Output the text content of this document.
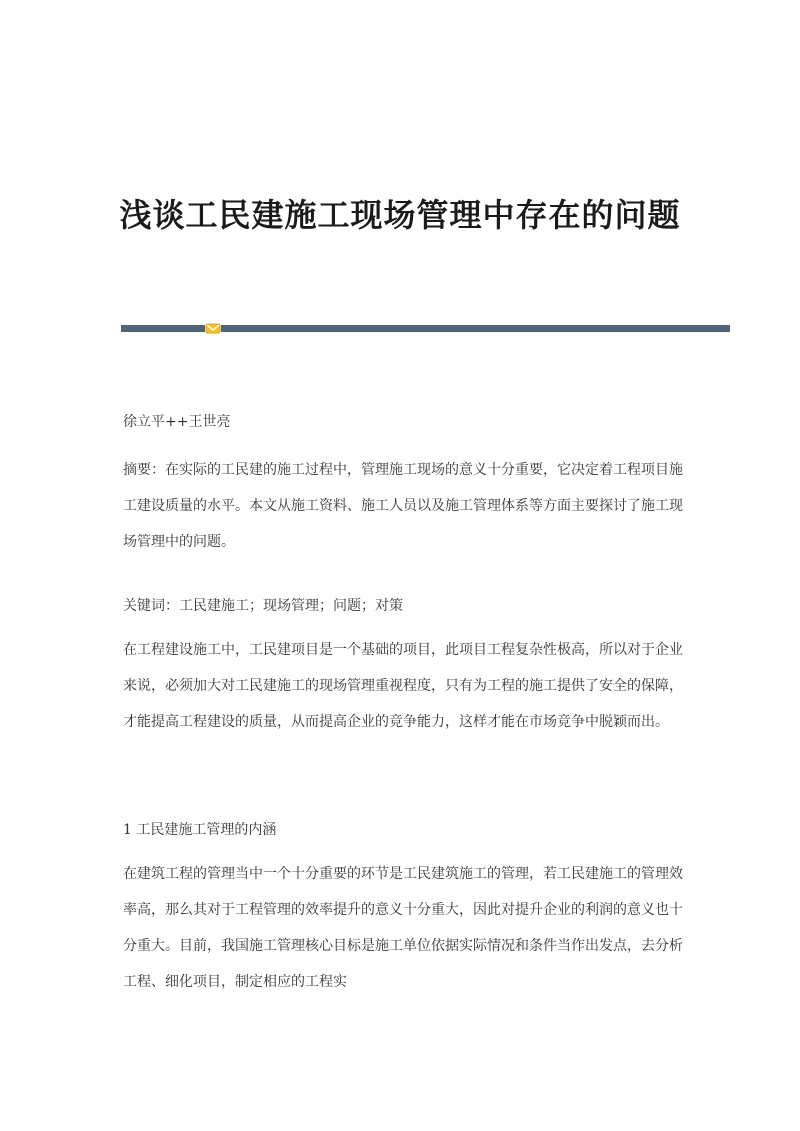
浅谈工民建施工现场管理中存在的问题

徐立平++王世亮

摘要：在实际的工民建的施工过程中，管理施工现场的意义十分重要，它决定着工程项目施工建设质量的水平。本文从施工资料、施工人员以及施工管理体系等方面主要探讨了施工现场管理中的问题。

关键词：工民建施工；现场管理；问题；对策

在工程建设施工中，工民建项目是一个基础的项目，此项目工程复杂性极高，所以对于企业来说，必须加大对工民建施工的现场管理重视程度，只有为工程的施工提供了安全的保障，才能提高工程建设的质量，从而提高企业的竞争能力，这样才能在市场竞争中脱颖而出。

1 工民建施工管理的内涵

在建筑工程的管理当中一个十分重要的环节是工民建筑施工的管理，若工民建施工的管理效率高，那么其对于工程管理的效率提升的意义十分重大，因此对提升企业的利润的意义也十分重大。目前，我国施工管理核心目标是施工单位依据实际情况和条件当作出发点，去分析工程、细化项目，制定相应的工程实
